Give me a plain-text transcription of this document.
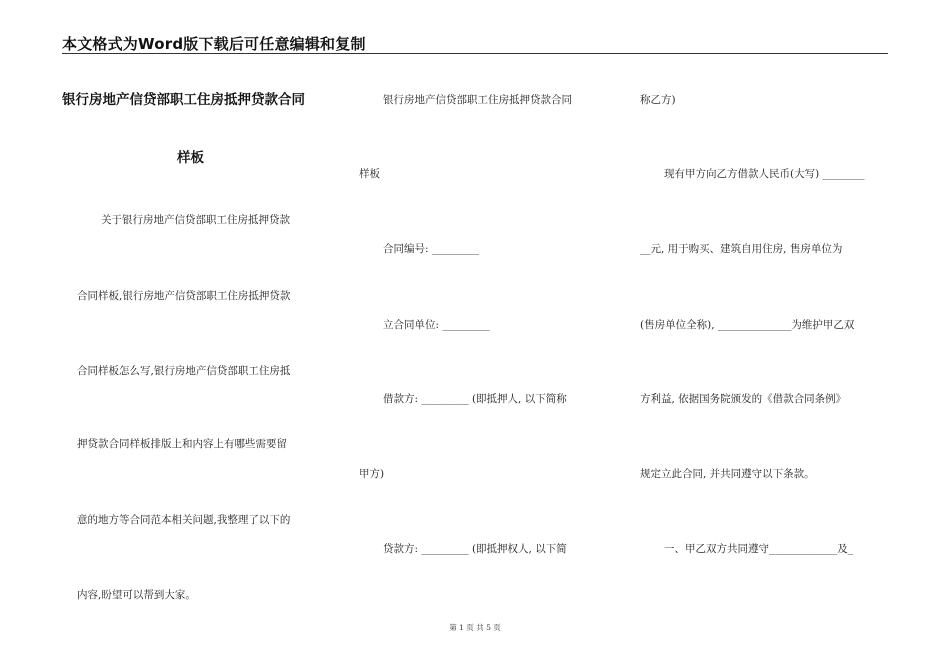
本文格式为Word版下载后可任意编辑和复制
银行房地产信贷部职工住房抵押贷款合同
样板
关于银行房地产信贷部职工住房抵押贷款
合同样板,银行房地产信贷部职工住房抵押贷款
合同样板怎么写,银行房地产信贷部职工住房抵
押贷款合同样板排版上和内容上有哪些需要留
意的地方等合同范本相关问题,我整理了以下的
内容,盼望可以帮到大家。
银行房地产信贷部职工住房抵押贷款合同
样板
合同编号: _________
立合同单位: _________
借款方: _________ (即抵押人, 以下简称
甲方)
贷款方: _________ (即抵押权人, 以下简
称乙方)
现有甲方向乙方借款人民币(大写) ________
__元, 用于购买、建筑自用住房, 售房单位为
(售房单位全称), ______________为维护甲乙双
方利益, 依据国务院颁发的《借款合同条例》
规定立此合同, 并共同遵守以下条款。
一、甲乙双方共同遵守_____________及_
第 1 页 共 5 页
